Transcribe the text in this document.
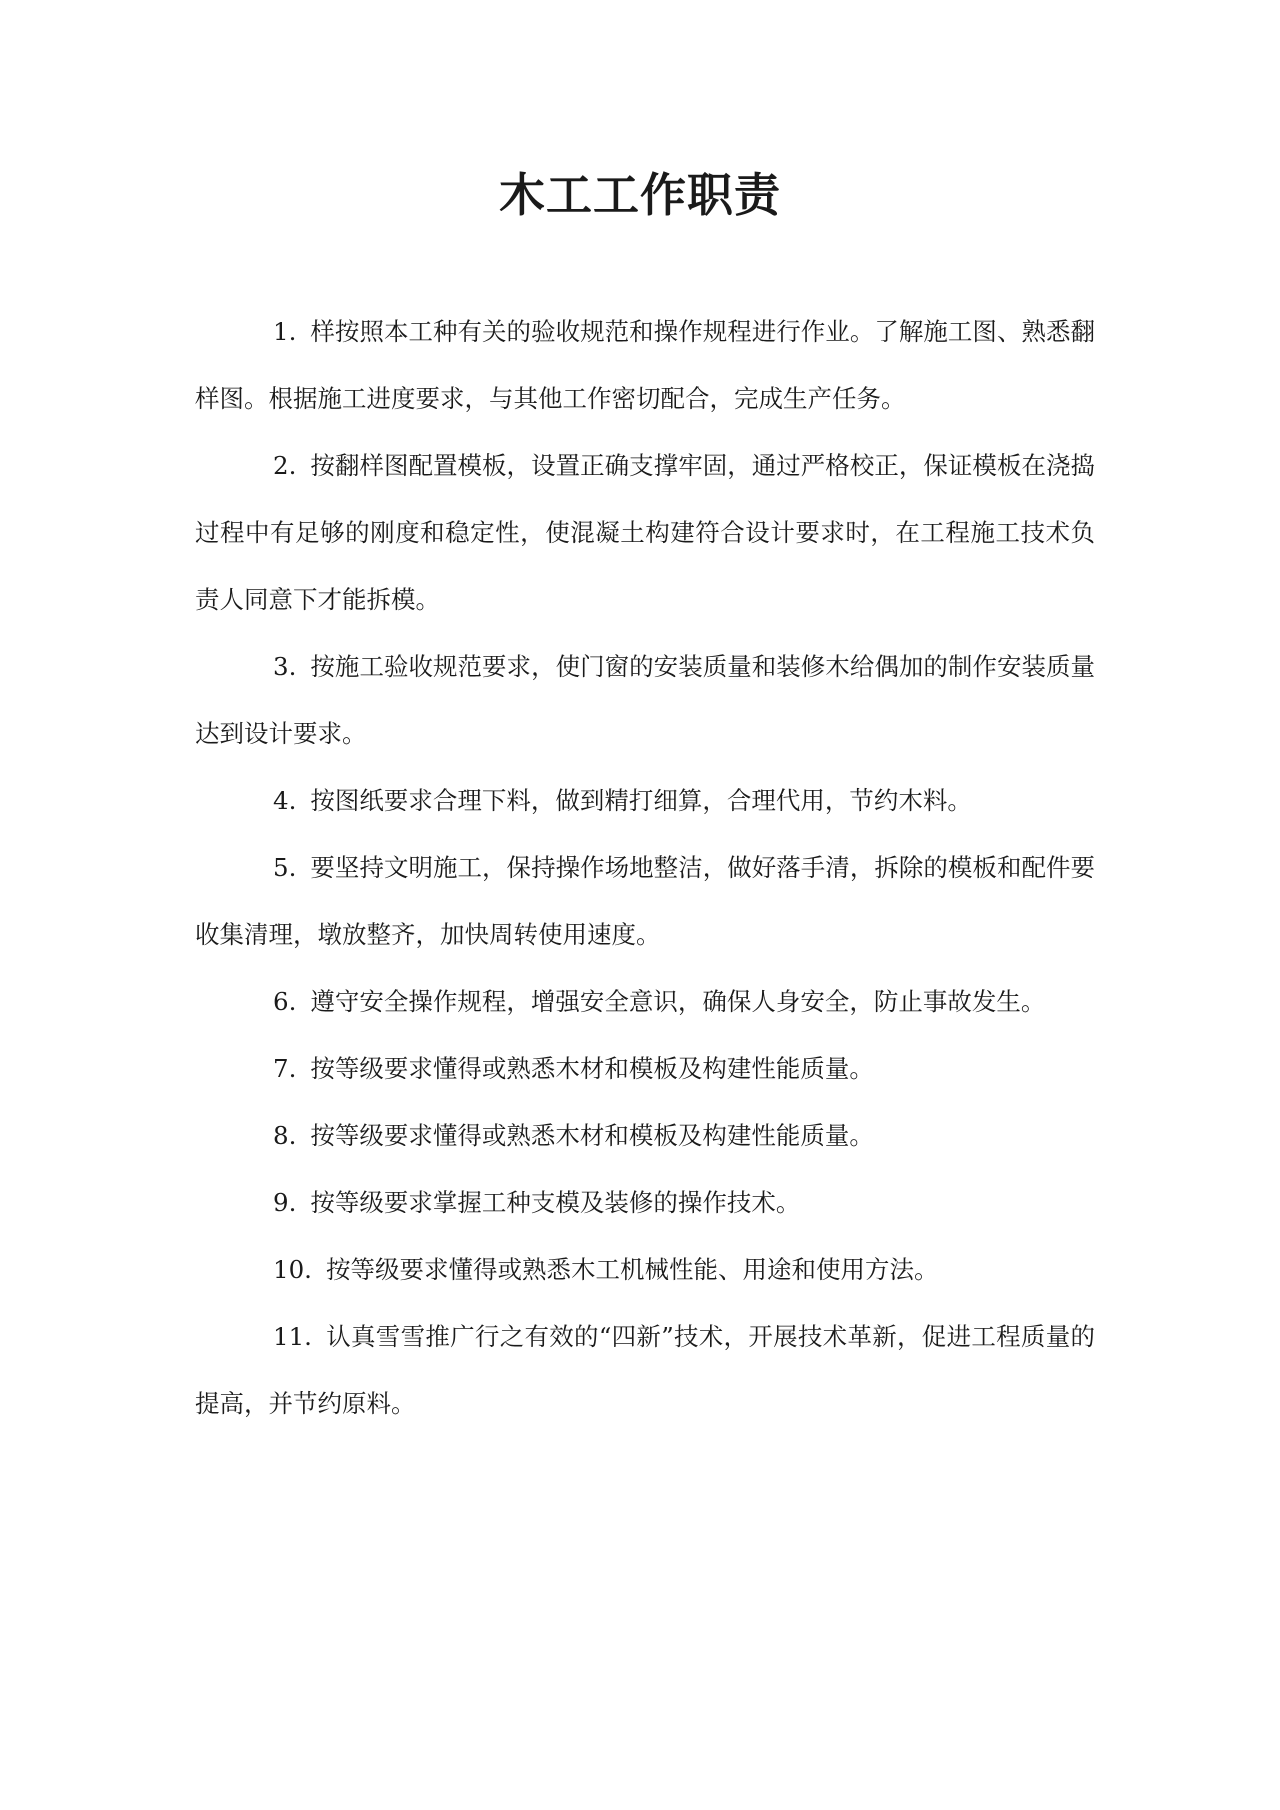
木工工作职责

1. 样按照本工种有关的验收规范和操作规程进行作业。了解施工图、熟悉翻样图。根据施工进度要求，与其他工作密切配合，完成生产任务。

2. 按翻样图配置模板，设置正确支撑牢固，通过严格校正，保证模板在浇捣过程中有足够的刚度和稳定性，使混凝土构建符合设计要求时，在工程施工技术负责人同意下才能拆模。

3. 按施工验收规范要求，使门窗的安装质量和装修木给偶加的制作安装质量达到设计要求。

4. 按图纸要求合理下料，做到精打细算，合理代用，节约木料。

5. 要坚持文明施工，保持操作场地整洁，做好落手清，拆除的模板和配件要收集清理，墩放整齐，加快周转使用速度。

6. 遵守安全操作规程，增强安全意识，确保人身安全，防止事故发生。

7. 按等级要求懂得或熟悉木材和模板及构建性能质量。

8. 按等级要求懂得或熟悉木材和模板及构建性能质量。

9. 按等级要求掌握工种支模及装修的操作技术。

10. 按等级要求懂得或熟悉木工机械性能、用途和使用方法。

11. 认真雪雪推广行之有效的“四新”技术，开展技术革新，促进工程质量的提高，并节约原料。
